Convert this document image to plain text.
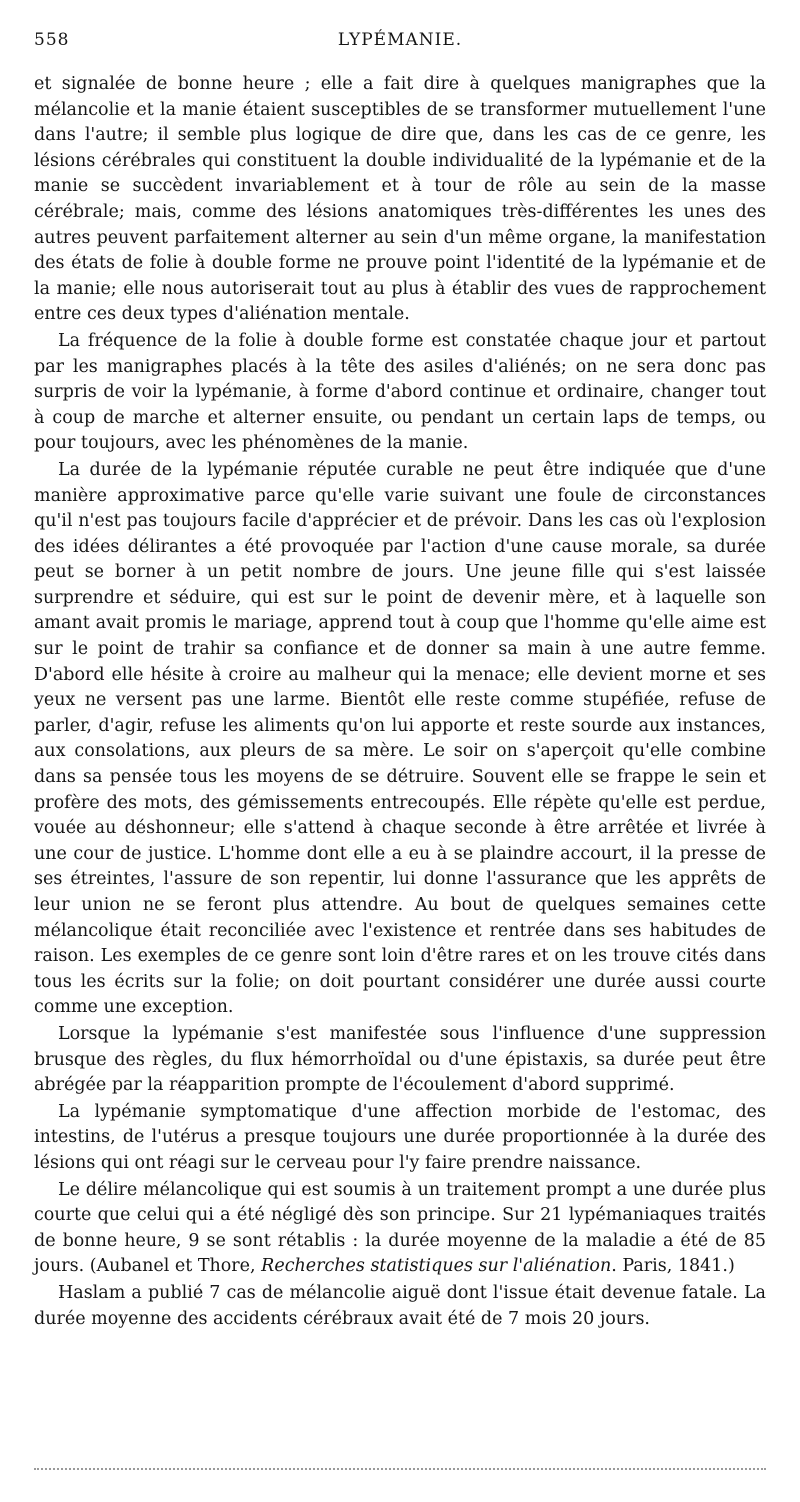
558	LYPÉMANIE.

et signalée de bonne heure ; elle a fait dire à quelques manigraphes que la mélancolie et la manie étaient susceptibles de se transformer mutuellement l'une dans l'autre; il semble plus logique de dire que, dans les cas de ce genre, les lésions cérébrales qui constituent la double individualité de la lypémanie et de la manie se succèdent invariablement et à tour de rôle au sein de la masse cérébrale; mais, comme des lésions anatomiques très-différentes les unes des autres peuvent parfaitement alterner au sein d'un même organe, la manifestation des états de folie à double forme ne prouve point l'identité de la lypémanie et de la manie; elle nous autoriserait tout au plus à établir des vues de rapprochement entre ces deux types d'aliénation mentale.

La fréquence de la folie à double forme est constatée chaque jour et partout par les manigraphes placés à la tête des asiles d'aliénés; on ne sera donc pas surpris de voir la lypémanie, à forme d'abord continue et ordinaire, changer tout à coup de marche et alterner ensuite, ou pendant un certain laps de temps, ou pour toujours, avec les phénomènes de la manie.

La durée de la lypémanie réputée curable ne peut être indiquée que d'une manière approximative parce qu'elle varie suivant une foule de circonstances qu'il n'est pas toujours facile d'apprécier et de prévoir. Dans les cas où l'explosion des idées délirantes a été provoquée par l'action d'une cause morale, sa durée peut se borner à un petit nombre de jours. Une jeune fille qui s'est laissée surprendre et séduire, qui est sur le point de devenir mère, et à laquelle son amant avait promis le mariage, apprend tout à coup que l'homme qu'elle aime est sur le point de trahir sa confiance et de donner sa main à une autre femme. D'abord elle hésite à croire au malheur qui la menace; elle devient morne et ses yeux ne versent pas une larme. Bientôt elle reste comme stupéfiée, refuse de parler, d'agir, refuse les aliments qu'on lui apporte et reste sourde aux instances, aux consolations, aux pleurs de sa mère. Le soir on s'aperçoit qu'elle combine dans sa pensée tous les moyens de se détruire. Souvent elle se frappe le sein et profère des mots, des gémissements entrecoupés. Elle répète qu'elle est perdue, vouée au déshonneur; elle s'attend à chaque seconde à être arrêtée et livrée à une cour de justice. L'homme dont elle a eu à se plaindre accourt, il la presse de ses étreintes, l'assure de son repentir, lui donne l'assurance que les apprêts de leur union ne se feront plus attendre. Au bout de quelques semaines cette mélancolique était reconciliée avec l'existence et rentrée dans ses habitudes de raison. Les exemples de ce genre sont loin d'être rares et on les trouve cités dans tous les écrits sur la folie; on doit pourtant considérer une durée aussi courte comme une exception.

Lorsque la lypémanie s'est manifestée sous l'influence d'une suppression brusque des règles, du flux hémorrhoïdal ou d'une épistaxis, sa durée peut être abrégée par la réapparition prompte de l'écoulement d'abord supprimé.

La lypémanie symptomatique d'une affection morbide de l'estomac, des intestins, de l'utérus a presque toujours une durée proportionnée à la durée des lésions qui ont réagi sur le cerveau pour l'y faire prendre naissance.

Le délire mélancolique qui est soumis à un traitement prompt a une durée plus courte que celui qui a été négligé dès son principe. Sur 21 lypémaniaques traités de bonne heure, 9 se sont rétablis : la durée moyenne de la maladie a été de 85 jours. (Aubanel et Thore, Recherches statistiques sur l'aliénation. Paris, 1841.)

Haslam a publié 7 cas de mélancolie aiguë dont l'issue était devenue fatale. La durée moyenne des accidents cérébraux avait été de 7 mois 20 jours.
